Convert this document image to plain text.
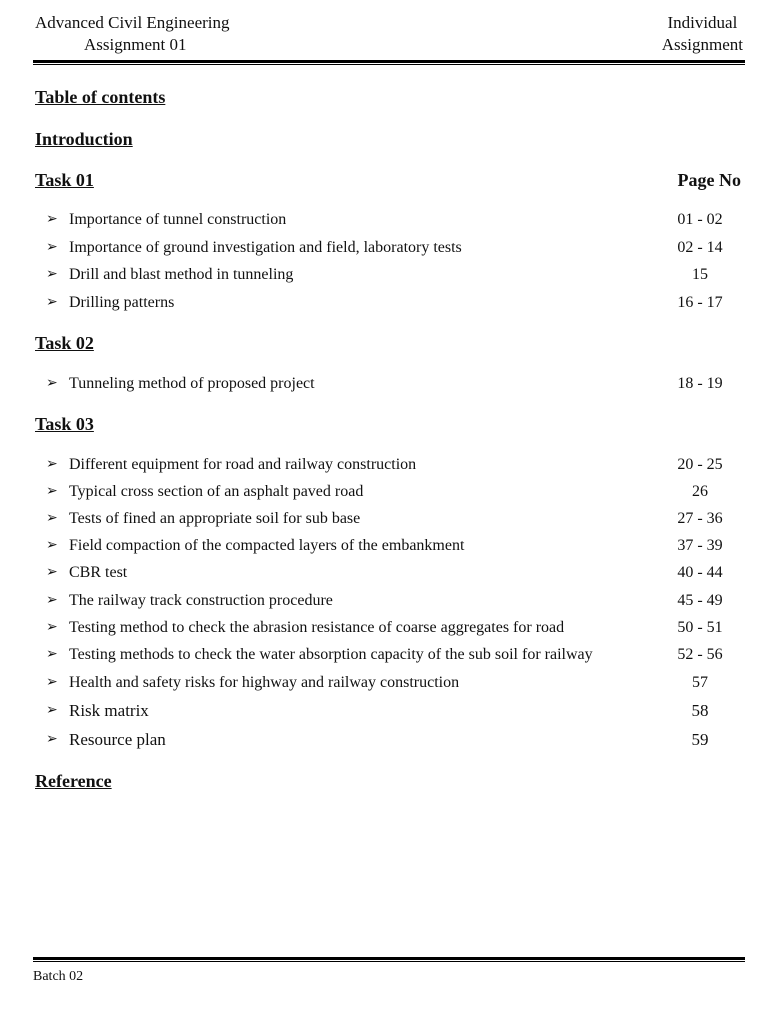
Advanced Civil Engineering
Assignment 01
Individual
Assignment
Table of contents
Introduction
Task 01	Page No
➢ Importance of tunnel construction	01 - 02
➢ Importance of ground investigation and field, laboratory tests	02 - 14
➢ Drill and blast method in tunneling	15
➢ Drilling patterns	16 - 17
Task 02
➢ Tunneling method of proposed project	18 - 19
Task 03
➢ Different equipment for road and railway construction	20 - 25
➢ Typical cross section of an asphalt paved road	26
➢ Tests of fined an appropriate soil for sub base	27 - 36
➢ Field compaction of the compacted layers of the embankment	37 - 39
➢ CBR test	40 - 44
➢ The railway track construction procedure	45 - 49
➢ Testing method to check the abrasion resistance of coarse aggregates for road	50 - 51
➢ Testing methods to check the water absorption capacity of the sub soil for railway	52 - 56
➢ Health and safety risks for highway and railway construction	57
➢ Risk matrix	58
➢ Resource plan	59
Reference
Batch 02
